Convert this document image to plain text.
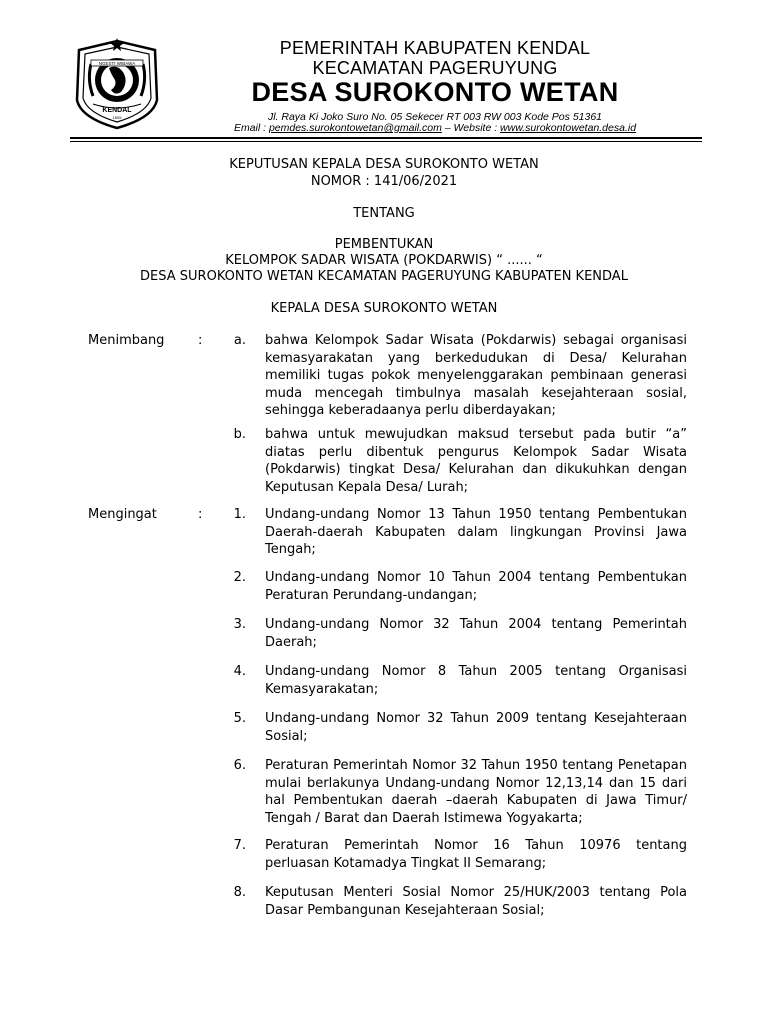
NGESTI WIBAWA
KENDAL
1605
PEMERINTAH KABUPATEN KENDAL
KECAMATAN PAGERUYUNG
DESA SUROKONTO WETAN
Jl. Raya Ki Joko Suro No. 05 Sekecer RT 003 RW 003 Kode Pos 51361
Email : pemdes.surokontowetan@gmail.com – Website : www.surokontowetan.desa.id
KEPUTUSAN KEPALA DESA SUROKONTO WETAN
NOMOR : 141/06/2021
TENTANG
PEMBENTUKAN
KELOMPOK SADAR WISATA (POKDARWIS) “ ...... “
DESA SUROKONTO WETAN KECAMATAN PAGERUYUNG KABUPATEN KENDAL
KEPALA DESA SUROKONTO WETAN
Menimbang	: a. bahwa Kelompok Sadar Wisata (Pokdarwis) sebagai organisasi kemasyarakatan yang berkedudukan di Desa/ Kelurahan memiliki tugas pokok menyelenggarakan pembinaan generasi muda mencegah timbulnya masalah kesejahteraan sosial, sehingga keberadaanya perlu diberdayakan;
b. bahwa untuk mewujudkan maksud tersebut pada butir “a” diatas perlu dibentuk pengurus Kelompok Sadar Wisata (Pokdarwis) tingkat Desa/ Kelurahan dan dikukuhkan dengan Keputusan Kepala Desa/ Lurah;
Mengingat	: 1. Undang-undang Nomor 13 Tahun 1950 tentang Pembentukan Daerah-daerah Kabupaten dalam lingkungan Provinsi Jawa Tengah;
2. Undang-undang Nomor 10 Tahun 2004 tentang Pembentukan Peraturan Perundang-undangan;
3. Undang-undang Nomor 32 Tahun 2004 tentang Pemerintah Daerah;
4. Undang-undang Nomor 8 Tahun 2005 tentang Organisasi Kemasyarakatan;
5. Undang-undang Nomor 32 Tahun 2009 tentang Kesejahteraan Sosial;
6. Peraturan Pemerintah Nomor 32 Tahun 1950 tentang Penetapan mulai berlakunya Undang-undang Nomor 12,13,14 dan 15 dari hal Pembentukan daerah –daerah Kabupaten di Jawa Timur/ Tengah / Barat dan Daerah Istimewa Yogyakarta;
7. Peraturan Pemerintah Nomor 16 Tahun 10976 tentang perluasan Kotamadya Tingkat II Semarang;
8. Keputusan Menteri Sosial Nomor 25/HUK/2003 tentang Pola Dasar Pembangunan Kesejahteraan Sosial;
